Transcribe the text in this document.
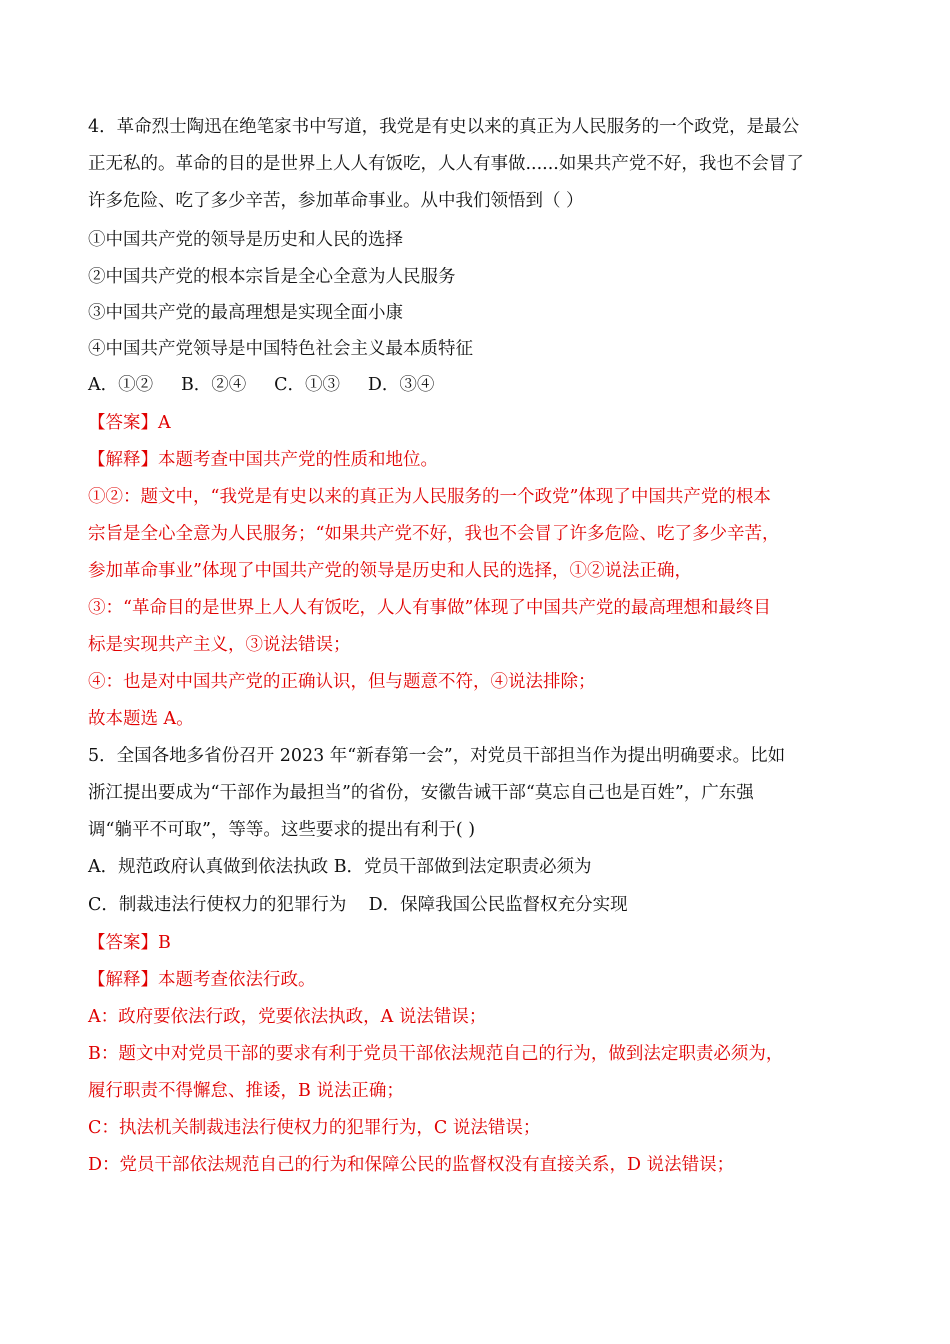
4．革命烈士陶迅在绝笔家书中写道，我党是有史以来的真正为人民服务的一个政党，是最公
正无私的。革命的目的是世界上人人有饭吃，人人有事做......如果共产党不好，我也不会冒了
许多危险、吃了多少辛苦，参加革命事业。从中我们领悟到（ ）
①中国共产党的领导是历史和人民的选择
②中国共产党的根本宗旨是全心全意为人民服务
③中国共产党的最高理想是实现全面小康
④中国共产党领导是中国特色社会主义最本质特征
A．①②     B．②④     C．①③     D．③④
【答案】A
【解释】本题考查中国共产党的性质和地位。
①②：题文中，“我党是有史以来的真正为人民服务的一个政党”体现了中国共产党的根本
宗旨是全心全意为人民服务；“如果共产党不好，我也不会冒了许多危险、吃了多少辛苦，
参加革命事业”体现了中国共产党的领导是历史和人民的选择，①②说法正确，
③：“革命目的是世界上人人有饭吃，人人有事做”体现了中国共产党的最高理想和最终目
标是实现共产主义，③说法错误；
④：也是对中国共产党的正确认识，但与题意不符，④说法排除；
故本题选 A。
5．全国各地多省份召开 2023 年“新春第一会”，对党员干部担当作为提出明确要求。比如
浙江提出要成为“干部作为最担当”的省份，安徽告诫干部“莫忘自己也是百姓”，广东强
调“躺平不可取”，等等。这些要求的提出有利于( )
A．规范政府认真做到依法执政 B．党员干部做到法定职责必须为
C．制裁违法行使权力的犯罪行为    D．保障我国公民监督权充分实现
【答案】B
【解释】本题考查依法行政。
A：政府要依法行政，党要依法执政，A 说法错误；
B：题文中对党员干部的要求有利于党员干部依法规范自己的行为，做到法定职责必须为，
履行职责不得懈怠、推诿，B 说法正确；
C：执法机关制裁违法行使权力的犯罪行为，C 说法错误；
D：党员干部依法规范自己的行为和保障公民的监督权没有直接关系，D 说法错误；
